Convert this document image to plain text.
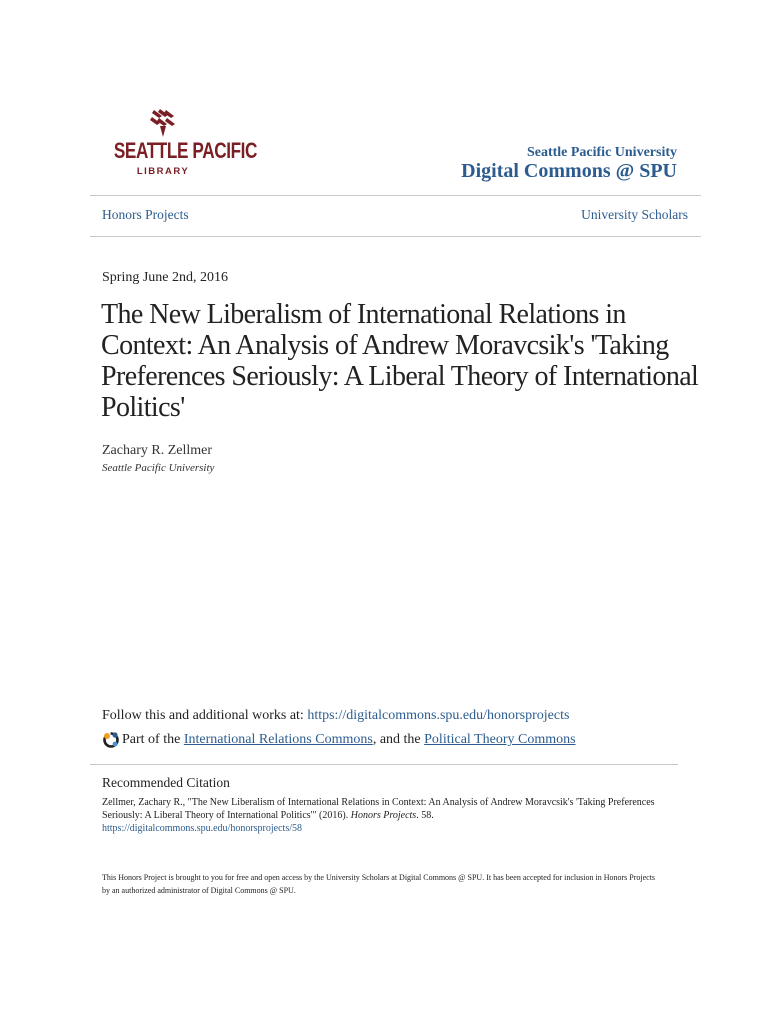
SEATTLE PACIFIC
LIBRARY
Seattle Pacific University
Digital Commons @ SPU
Honors Projects	University Scholars
Spring June 2nd, 2016
The New Liberalism of International Relations in Context: An Analysis of Andrew Moravcsik's 'Taking Preferences Seriously: A Liberal Theory of International Politics'
Zachary R. Zellmer
Seattle Pacific University
Follow this and additional works at: https://digitalcommons.spu.edu/honorsprojects
Part of the
International Relations Commons , and the Political Theory Commons
Recommended Citation
Zellmer, Zachary R., "The New Liberalism of International Relations in Context: An Analysis of Andrew Moravcsik's 'Taking Preferences Seriously: A Liberal Theory of International Politics'" (2016). Honors Projects. 58.
https://digitalcommons.spu.edu/honorsprojects/58
This Honors Project is brought to you for free and open access by the University Scholars at Digital Commons @ SPU. It has been accepted for inclusion in Honors Projects by an authorized administrator of Digital Commons @ SPU.
